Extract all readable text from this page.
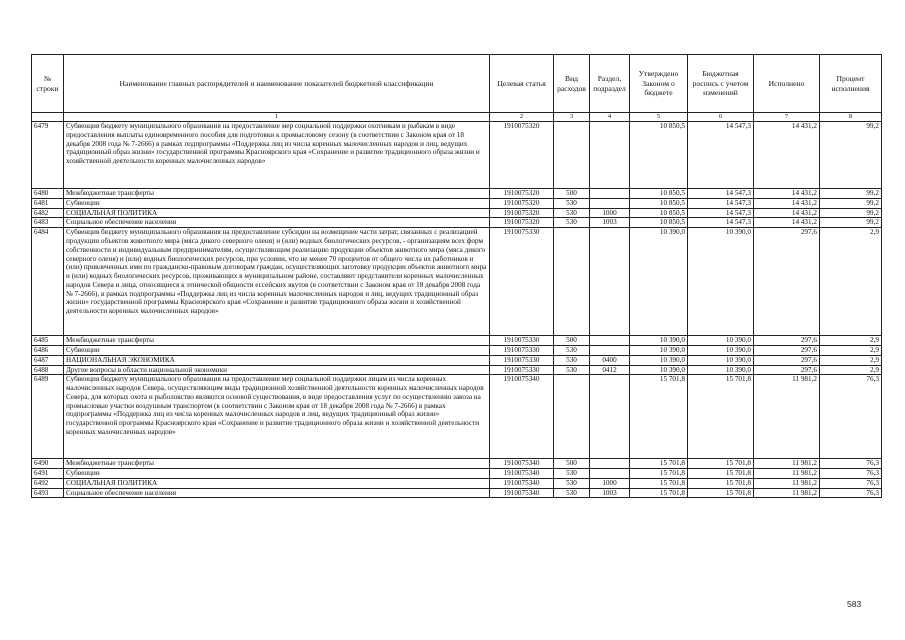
№ строки	Наименование главных распорядителей и наименование показателей бюджетной классификации	Целевая статья	Вид расходов	Раздел, подраздел	Утверждено Законом о бюджете	Бюджетная роспись с учетом изменений	Исполнено	Процент исполнения
	1	2	3	4	5	6	7	8
6479	Субвенция бюджету муниципального образования на предоставление мер социальной поддержки охотникам и рыбакам в виде предоставления выплаты единовременного пособия для подготовки к промысловому сезону (в соответствии с Законом края от 18 декабря 2008 года № 7-2666) в рамках подпрограммы «Поддержка лиц из числа коренных малочисленных народов и лиц, ведущих традиционный образ жизни» государственной программы Красноярского края «Сохранение и развитие традиционного образа жизни и хозяйственной деятельности коренных малочисленных народов»	1910075320			10 850,5	14 547,3	14 431,2	99,2
6480	Межбюджетные трансферты	1910075320	500		10 850,5	14 547,3	14 431,2	99,2
6481	Субвенции	1910075320	530		10 850,5	14 547,3	14 431,2	99,2
6482	СОЦИАЛЬНАЯ ПОЛИТИКА	1910075320	530	1000	10 850,5	14 547,3	14 431,2	99,2
6483	Социальное обеспечение населения	1910075320	530	1003	10 850,5	14 547,3	14 431,2	99,2
6484	Субвенция бюджету муниципального образования на предоставление субсидии на возмещение части затрат, связанных с реализацией продукции объектов животного мира (мяса дикого северного оленя) и (или) водных биологических ресурсов, - организациям всех форм собственности и индивидуальным предпринимателям, осуществляющим реализацию продукции объектов животного мира (мяса дикого северного оленя) и (или) водных биологических ресурсов, при условии, что не менее 70 процентов от общего числа их работников и (или) привлеченных ими по гражданско-правовым договорам граждан, осуществляющих заготовку продукции объектов животного мира и (или) водных биологических ресурсов, проживающих в муниципальном районе, составляют представители коренных малочисленных народов Севера и лица, относящиеся к этнической общности ессейских якутов (в соответствии с Законом края от 18 декабря 2008 года № 7-2666), в рамках подпрограммы «Поддержка лиц из числа коренных малочисленных народов и лиц, ведущих традиционный образ жизни» государственной программы Красноярского края «Сохранение и развитие традиционного образа жизни и хозяйственной деятельности коренных малочисленных народов»	1910075330			10 390,0	10 390,0	297,6	2,9
6485	Межбюджетные трансферты	1910075330	500		10 390,0	10 390,0	297,6	2,9
6486	Субвенции	1910075330	530		10 390,0	10 390,0	297,6	2,9
6487	НАЦИОНАЛЬНАЯ ЭКОНОМИКА	1910075330	530	0400	10 390,0	10 390,0	297,6	2,9
6488	Другие вопросы в области национальной экономики	1910075330	530	0412	10 390,0	10 390,0	297,6	2,9
6489	Субвенция бюджету муниципального образования на предоставление мер социальной поддержки лицам из числа коренных малочисленных народов Севера, осуществляющим виды традиционной хозяйственной деятельности коренных малочисленных народов Севера, для которых охота и рыболовство являются основой существования, в виде предоставления услуг по осуществлению завоза на промысловые участки воздушным транспортом (в соответствии с Законом края от 18 декабря 2008 года № 7-2666) в рамках подпрограммы «Поддержка лиц из числа коренных малочисленных народов и лиц, ведущих традиционный образ жизни» государственной программы Красноярского края «Сохранение и развитие традиционного образа жизни и хозяйственной деятельности коренных малочисленных народов»	1910075340			15 701,8	15 701,8	11 981,2	76,3
6490	Межбюджетные трансферты	1910075340	500		15 701,8	15 701,8	11 981,2	76,3
6491	Субвенции	1910075340	530		15 701,8	15 701,8	11 981,2	76,3
6492	СОЦИАЛЬНАЯ ПОЛИТИКА	1910075340	530	1000	15 701,8	15 701,8	11 981,2	76,3
6493	Социальное обеспечение населения	1910075340	530	1003	15 701,8	15 701,8	11 981,2	76,3
583
